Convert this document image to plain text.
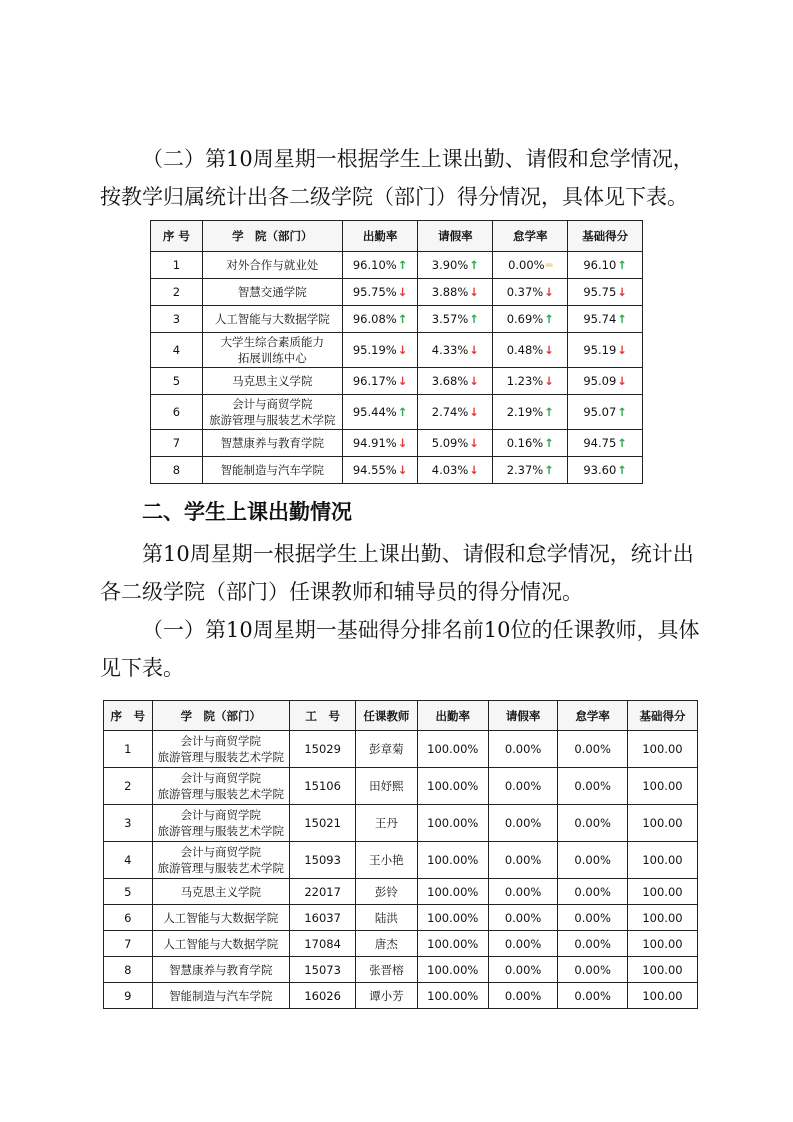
（二）第10周星期一根据学生上课出勤、请假和怠学情况，按教学归属统计出各二级学院（部门）得分情况，具体见下表。

序 号	学　院（部门）	出勤率	请假率	怠学率	基础得分
1	对外合作与就业处	96.10%↑	3.90%↑	0.00%═	96.10↑
2	智慧交通学院	95.75%↓	3.88%↓	0.37%↓	95.75↓
3	人工智能与大数据学院	96.08%↑	3.57%↑	0.69%↑	95.74↑
4	大学生综合素质能力
拓展训练中心	95.19%↓	4.33%↓	0.48%↓	95.19↓
5	马克思主义学院	96.17%↓	3.68%↓	1.23%↓	95.09↓
6	会计与商贸学院
旅游管理与服装艺术学院	95.44%↑	2.74%↓	2.19%↑	95.07↑
7	智慧康养与教育学院	94.91%↓	5.09%↓	0.16%↑	94.75↑
8	智能制造与汽车学院	94.55%↓	4.03%↓	2.37%↑	93.60↑

二、学生上课出勤情况

第10周星期一根据学生上课出勤、请假和怠学情况，统计出各二级学院（部门）任课教师和辅导员的得分情况。

（一）第10周星期一基础得分排名前10位的任课教师，具体见下表。

序　号	学　院（部门）	工　号	任课教师	出勤率	请假率	怠学率	基础得分
1	会计与商贸学院
旅游管理与服装艺术学院	15029	彭章菊	100.00%	0.00%	0.00%	100.00
2	会计与商贸学院
旅游管理与服装艺术学院	15106	田妤熙	100.00%	0.00%	0.00%	100.00
3	会计与商贸学院
旅游管理与服装艺术学院	15021	王丹	100.00%	0.00%	0.00%	100.00
4	会计与商贸学院
旅游管理与服装艺术学院	15093	王小艳	100.00%	0.00%	0.00%	100.00
5	马克思主义学院	22017	彭铃	100.00%	0.00%	0.00%	100.00
6	人工智能与大数据学院	16037	陆洪	100.00%	0.00%	0.00%	100.00
7	人工智能与大数据学院	17084	唐杰	100.00%	0.00%	0.00%	100.00
8	智慧康养与教育学院	15073	张晋榕	100.00%	0.00%	0.00%	100.00
9	智能制造与汽车学院	16026	谭小芳	100.00%	0.00%	0.00%	100.00
